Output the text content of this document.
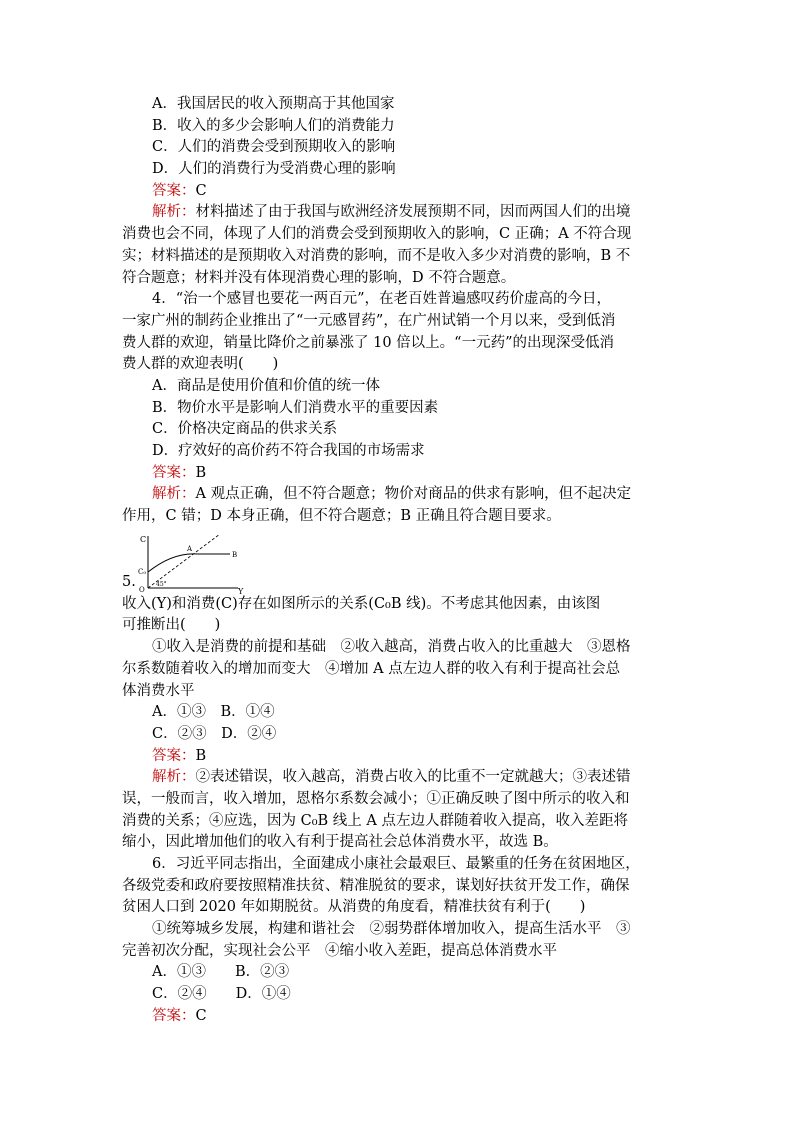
A．我国居民的收入预期高于其他国家
B．收入的多少会影响人们的消费能力
C．人们的消费会受到预期收入的影响
D．人们的消费行为受消费心理的影响
答案：C
解析：材料描述了由于我国与欧洲经济发展预期不同，因而两国人们的出境
消费也会不同，体现了人们的消费会受到预期收入的影响，C 正确；A 不符合现
实；材料描述的是预期收入对消费的影响，而不是收入多少对消费的影响，B 不
符合题意；材料并没有体现消费心理的影响，D 不符合题意。
4．“治一个感冒也要花一两百元”，在老百姓普遍感叹药价虚高的今日，
一家广州的制药企业推出了“一元感冒药”，在广州试销一个月以来，受到低消
费人群的欢迎，销量比降价之前暴涨了 10 倍以上。“一元药”的出现深受低消
费人群的欢迎表明(　　)
A．商品是使用价值和价值的统一体
B．物价水平是影响人们消费水平的重要因素
C．价格决定商品的供求关系
D．疗效好的高价药不符合我国的市场需求
答案：B
解析：A 观点正确，但不符合题意；物价对商品的供求有影响，但不起决定
作用，C 错；D 本身正确，但不符合题意；B 正确且符合题目要求。
5.
C
Y
O
C₀
A
B
45°
收入(Y)和消费(C)存在如图所示的关系(C₀B 线)。不考虑其他因素，由该图
可推断出(　　)
①收入是消费的前提和基础　②收入越高，消费占收入的比重越大　③恩格
尔系数随着收入的增加而变大　④增加 A 点左边人群的收入有利于提高社会总
体消费水平
A．①③　B．①④
C．②③　D．②④
答案：B
解析：②表述错误，收入越高，消费占收入的比重不一定就越大；③表述错
误，一般而言，收入增加，恩格尔系数会减小；①正确反映了图中所示的收入和
消费的关系；④应选，因为 C₀B 线上 A 点左边人群随着收入提高，收入差距将
缩小，因此增加他们的收入有利于提高社会总体消费水平，故选 B。
6．习近平同志指出，全面建成小康社会最艰巨、最繁重的任务在贫困地区，
各级党委和政府要按照精准扶贫、精准脱贫的要求，谋划好扶贫开发工作，确保
贫困人口到 2020 年如期脱贫。从消费的角度看，精准扶贫有利于(　　)
①统筹城乡发展，构建和谐社会　②弱势群体增加收入，提高生活水平　③
完善初次分配，实现社会公平　④缩小收入差距，提高总体消费水平
A．①③　　B．②③
C．②④　　D．①④
答案：C
